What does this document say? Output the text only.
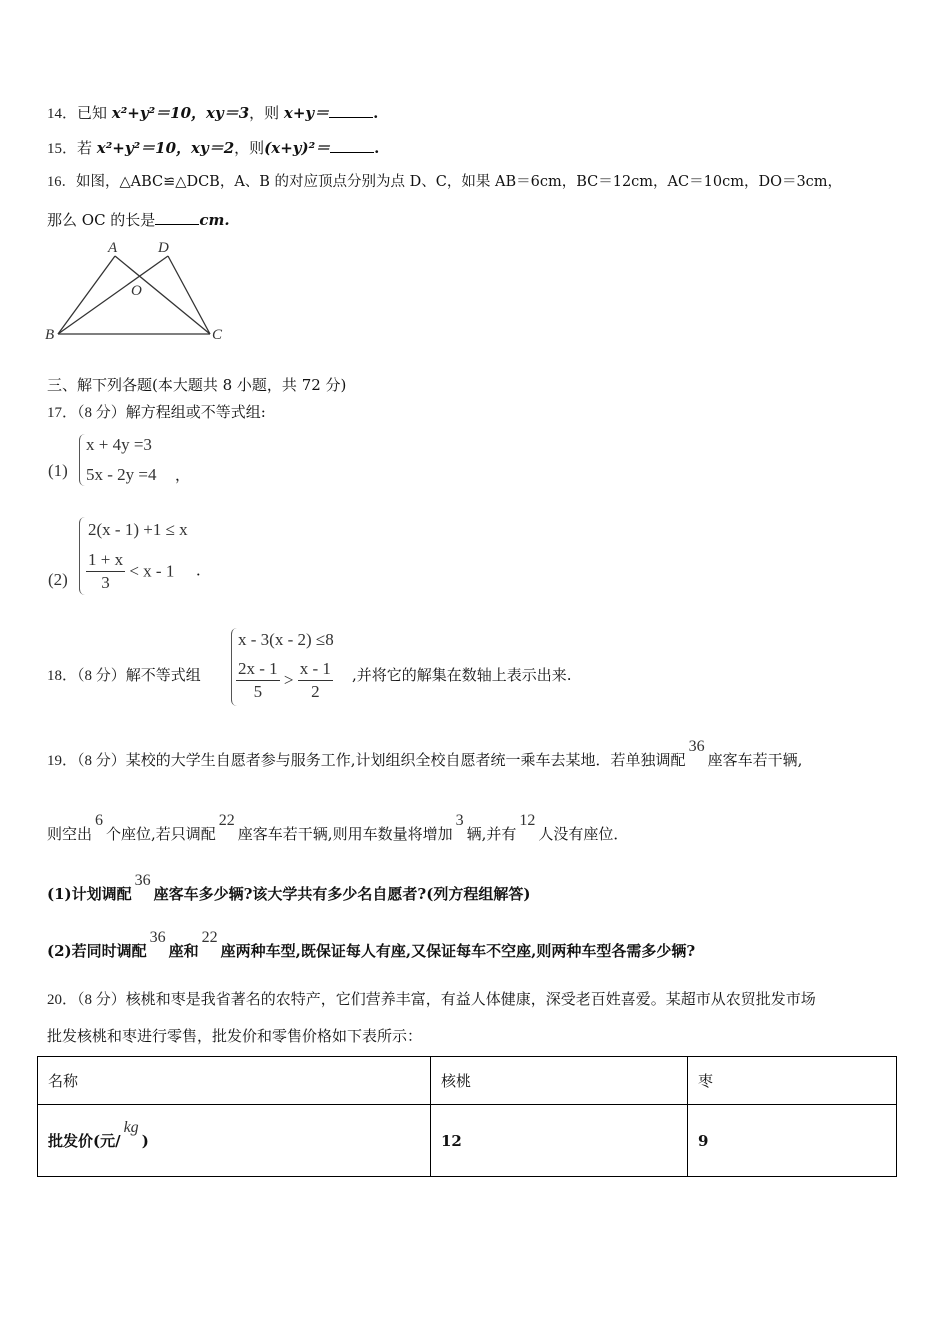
14．已知 x²+y²＝10，xy＝3，则 x+y＝	.
15．若 x²+y²＝10，xy＝2，则(x+y)²＝	.
16．如图，△ABC≌△DCB，A、B 的对应顶点分别为点 D、C，如果 AB＝6cm，BC＝12cm，AC＝10cm，DO＝3cm，
那么 OC 的长是	cm.
A	D
O
B	C
三、解下列各题(本大题共 8 小题，共 72 分)
17．（8 分）解方程组或不等式组:
(1)
x + 4y =3
5x - 2y =4 ，
(2)
2(x - 1) +1 ≤ x
$\frac{1 + x}{3} < x - 1$ ．
18．（8 分）解不等式组
x - 3(x - 2) ≤8
$\frac{2x - 1}{5} > \frac{x - 1}{2}$ ,并将它的解集在数轴上表示出来.
19．（8 分）某校的大学生自愿者参与服务工作,计划组织全校自愿者统一乘车去某地．若单独调配36座客车若干辆,
则空出6个座位,若只调配22座客车若干辆,则用车数量将增加3辆,并有12人没有座位．
(1)计划调配36座客车多少辆?该大学共有多少名自愿者?(列方程组解答)
(2)若同时调配36座和22座两种车型,既保证每人有座,又保证每车不空座,则两种车型各需多少辆?
20．（8 分）核桃和枣是我省著名的农特产，它们营养丰富，有益人体健康，深受老百姓喜爱。某超市从农贸批发市场
批发核桃和枣进行零售，批发价和零售价格如下表所示：
名称	核桃	枣
批发价(元/kg)	12	9
